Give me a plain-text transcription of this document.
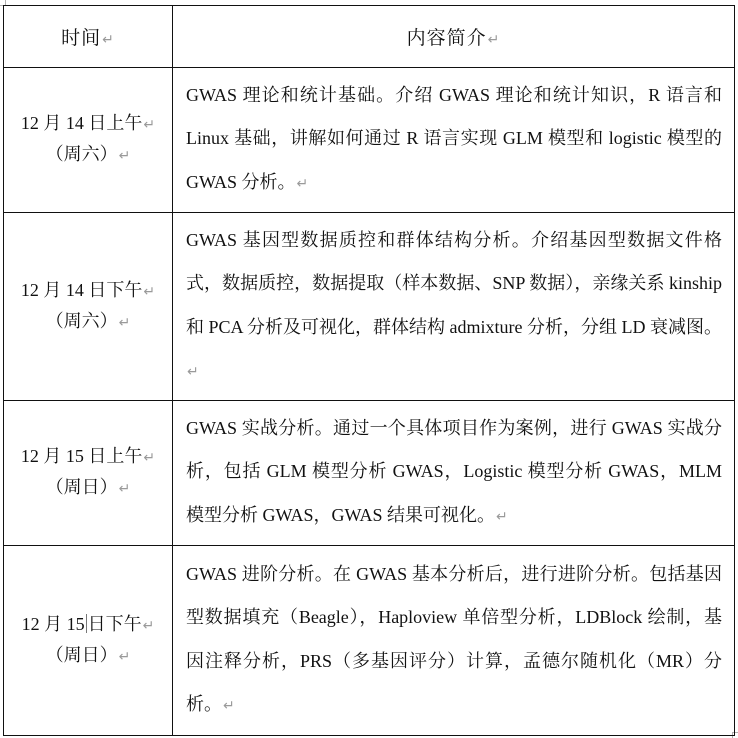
时间↵	内容简介↵

12 月 14 日上午↵
（周六）↵	GWAS 理论和统计基础。介绍 GWAS 理论和统计知识，R 语言和 Linux 基础，讲解如何通过 R 语言实现 GLM 模型和 logistic 模型的 GWAS 分析。↵

12 月 14 日下午↵
（周六）↵	GWAS 基因型数据质控和群体结构分析。介绍基因型数据文件格式，数据质控，数据提取（样本数据、SNP 数据），亲缘关系 kinship 和 PCA 分析及可视化，群体结构 admixture 分析，分组 LD 衰减图。↵

12 月 15 日上午↵
（周日）↵	GWAS 实战分析。通过一个具体项目作为案例，进行 GWAS 实战分析，包括 GLM 模型分析 GWAS，Logistic 模型分析 GWAS，MLM 模型分析 GWAS，GWAS 结果可视化。↵

12 月 15 日下午↵
（周日）↵	GWAS 进阶分析。在 GWAS 基本分析后，进行进阶分析。包括基因型数据填充（Beagle），Haploview 单倍型分析，LDBlock 绘制，基因注释分析，PRS（多基因评分）计算，孟德尔随机化（MR）分析。↵
